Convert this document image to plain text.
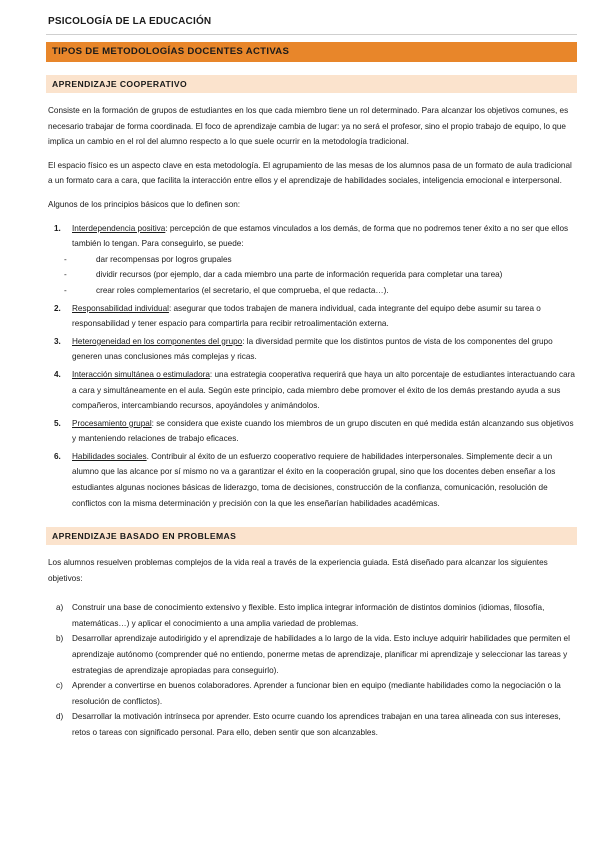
PSICOLOGÍA DE LA EDUCACIÓN
TIPOS DE METODOLOGÍAS DOCENTES ACTIVAS
APRENDIZAJE COOPERATIVO

Consiste en la formación de grupos de estudiantes en los que cada miembro tiene un rol determinado. Para alcanzar los objetivos comunes, es necesario trabajar de forma coordinada. El foco de aprendizaje cambia de lugar: ya no será el profesor, sino el propio trabajo de equipo, lo que implica un cambio en el rol del alumno respecto a lo que suele ocurrir en la metodología tradicional.

El espacio físico es un aspecto clave en esta metodología. El agrupamiento de las mesas de los alumnos pasa de un formato de aula tradicional a un formato cara a cara, que facilita la interacción entre ellos y el aprendizaje de habilidades sociales, inteligencia emocional e interpersonal.

Algunos de los principios básicos que lo definen son:

1. Interdependencia positiva: percepción de que estamos vinculados a los demás, de forma que no podremos tener éxito a no ser que ellos también lo tengan. Para conseguirlo, se puede:
- dar recompensas por logros grupales
- dividir recursos (por ejemplo, dar a cada miembro una parte de información requerida para completar una tarea)
- crear roles complementarios (el secretario, el que comprueba, el que redacta…).
2. Responsabilidad individual: asegurar que todos trabajen de manera individual, cada integrante del equipo debe asumir su tarea o responsabilidad y tener espacio para compartirla para recibir retroalimentación externa.
3. Heterogeneidad en los componentes del grupo: la diversidad permite que los distintos puntos de vista de los componentes del grupo generen unas conclusiones más complejas y ricas.
4. Interacción simultánea o estimuladora: una estrategia cooperativa requerirá que haya un alto porcentaje de estudiantes interactuando cara a cara y simultáneamente en el aula. Según este principio, cada miembro debe promover el éxito de los demás prestando ayuda a sus compañeros, intercambiando recursos, apoyándoles y animándolos.
5. Procesamiento grupal: se considera que existe cuando los miembros de un grupo discuten en qué medida están alcanzando sus objetivos y manteniendo relaciones de trabajo eficaces.
6. Habilidades sociales. Contribuir al éxito de un esfuerzo cooperativo requiere de habilidades interpersonales. Simplemente decir a un alumno que las alcance por sí mismo no va a garantizar el éxito en la cooperación grupal, sino que los docentes deben enseñar a los estudiantes algunas nociones básicas de liderazgo, toma de decisiones, construcción de la confianza, comunicación, resolución de conflictos con la misma determinación y precisión con la que les enseñarían habilidades académicas.
APRENDIZAJE BASADO EN PROBLEMAS

Los alumnos resuelven problemas complejos de la vida real a través de la experiencia guiada. Está diseñado para alcanzar los siguientes objetivos:

a) Construir una base de conocimiento extensivo y flexible. Esto implica integrar información de distintos dominios (idiomas, filosofía, matemáticas…) y aplicar el conocimiento a una amplia variedad de problemas.
b) Desarrollar aprendizaje autodirigido y el aprendizaje de habilidades a lo largo de la vida. Esto incluye adquirir habilidades que permiten el aprendizaje autónomo (comprender qué no entiendo, ponerme metas de aprendizaje, planificar mi aprendizaje y seleccionar las tareas y estrategias de aprendizaje apropiadas para conseguirlo).
c) Aprender a convertirse en buenos colaboradores. Aprender a funcionar bien en equipo (mediante habilidades como la negociación o la resolución de conflictos).
d) Desarrollar la motivación intrínseca por aprender. Esto ocurre cuando los aprendices trabajan en una tarea alineada con sus intereses, retos o tareas con significado personal. Para ello, deben sentir que son alcanzables.
